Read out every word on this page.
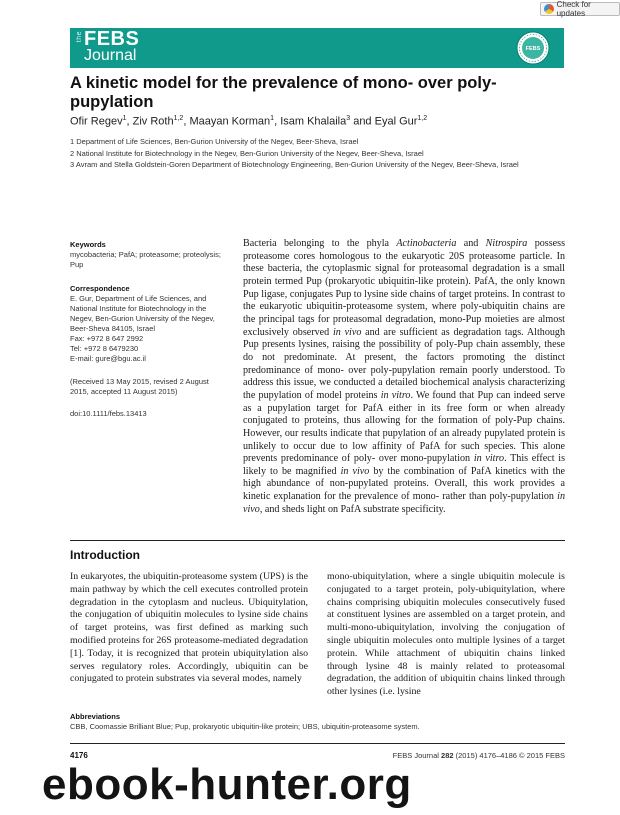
Check for updates
the FEBS
Journal	FEBS
A kinetic model for the prevalence of mono- over poly-pupylation
Ofir Regev$^1$, Ziv Roth$^{1,2}$, Maayan Korman$^1$, Isam Khalaila$^3$ and Eyal Gur$^{1,2}$
1 Department of Life Sciences, Ben-Gurion University of the Negev, Beer-Sheva, Israel
2 National Institute for Biotechnology in the Negev, Ben-Gurion University of the Negev, Beer-Sheva, Israel
3 Avram and Stella Goldstein-Goren Department of Biotechnology Engineering, Ben-Gurion University of the Negev, Beer-Sheva, Israel
Keywords
mycobacteria; PafA; proteasome; proteolysis; Pup
Correspondence
E. Gur, Department of Life Sciences, and
National Institute for Biotechnology in the
Negev, Ben-Gurion University of the Negev,
Beer-Sheva 84105, Israel
Fax: +972 8 647 2992
Tel: +972 8 6479230
E-mail: gure@bgu.ac.il
(Received 13 May 2015, revised 2 August
2015, accepted 11 August 2015)
doi:10.1111/febs.13413
Bacteria belonging to the phyla Actinobacteria and Nitrospira possess proteasome cores homologous to the eukaryotic 20S proteasome particle. In these bacteria, the cytoplasmic signal for proteasomal degradation is a small protein termed Pup (prokaryotic ubiquitin-like protein). PafA, the only known Pup ligase, conjugates Pup to lysine side chains of target proteins. In contrast to the eukaryotic ubiquitin-proteasome system, where poly-ubiquitin chains are the principal tags for proteasomal degradation, mono-Pup moieties are almost exclusively observed in vivo and are sufficient as degradation tags. Although Pup presents lysines, raising the possibility of poly-Pup chain assembly, these do not predominate. At present, the factors promoting the distinct predominance of mono- over poly-pupylation remain poorly understood. To address this issue, we conducted a detailed biochemical analysis characterizing the pupylation of model proteins in vitro. We found that Pup can indeed serve as a pupylation target for PafA either in its free form or when already conjugated to proteins, thus allowing for the formation of poly-Pup chains. However, our results indicate that pupylation of an already pupylated protein is unlikely to occur due to low affinity of PafA for such species. This alone prevents predominance of poly- over mono-pupylation in vitro. This effect is likely to be magnified in vivo by the combination of PafA kinetics with the high abundance of non-pupylated proteins. Overall, this work provides a kinetic explanation for the prevalence of mono- rather than poly-pupylation in vivo, and sheds light on PafA substrate specificity.
Introduction
In eukaryotes, the ubiquitin-proteasome system (UPS) is the main pathway by which the cell executes controlled protein degradation in the cytoplasm and nucleus. Ubiquitylation, the conjugation of ubiquitin molecules to lysine side chains of target proteins, was first defined as marking such modified proteins for 26S proteasome-mediated degradation [1]. Today, it is recognized that protein ubiquitylation also serves regulatory roles. Accordingly, ubiquitin can be conjugated to protein substrates via several modes, namely
mono-ubiquitylation, where a single ubiquitin molecule is conjugated to a target protein, poly-ubiquitylation, where chains comprising ubiquitin molecules consecutively fused at constituent lysines are assembled on a target protein, and multi-mono-ubiquitylation, involving the conjugation of single ubiquitin molecules onto multiple lysines of a target protein. While attachment of ubiquitin chains linked through lysine 48 is mainly related to proteasomal degradation, the addition of ubiquitin chains linked through other lysines (i.e. lysine
Abbreviations
CBB, Coomassie Brilliant Blue; Pup, prokaryotic ubiquitin-like protein; UBS, ubiquitin-proteasome system.
4176	FEBS Journal 282 (2015) 4176–4186 © 2015 FEBS
ebook-hunter.org
